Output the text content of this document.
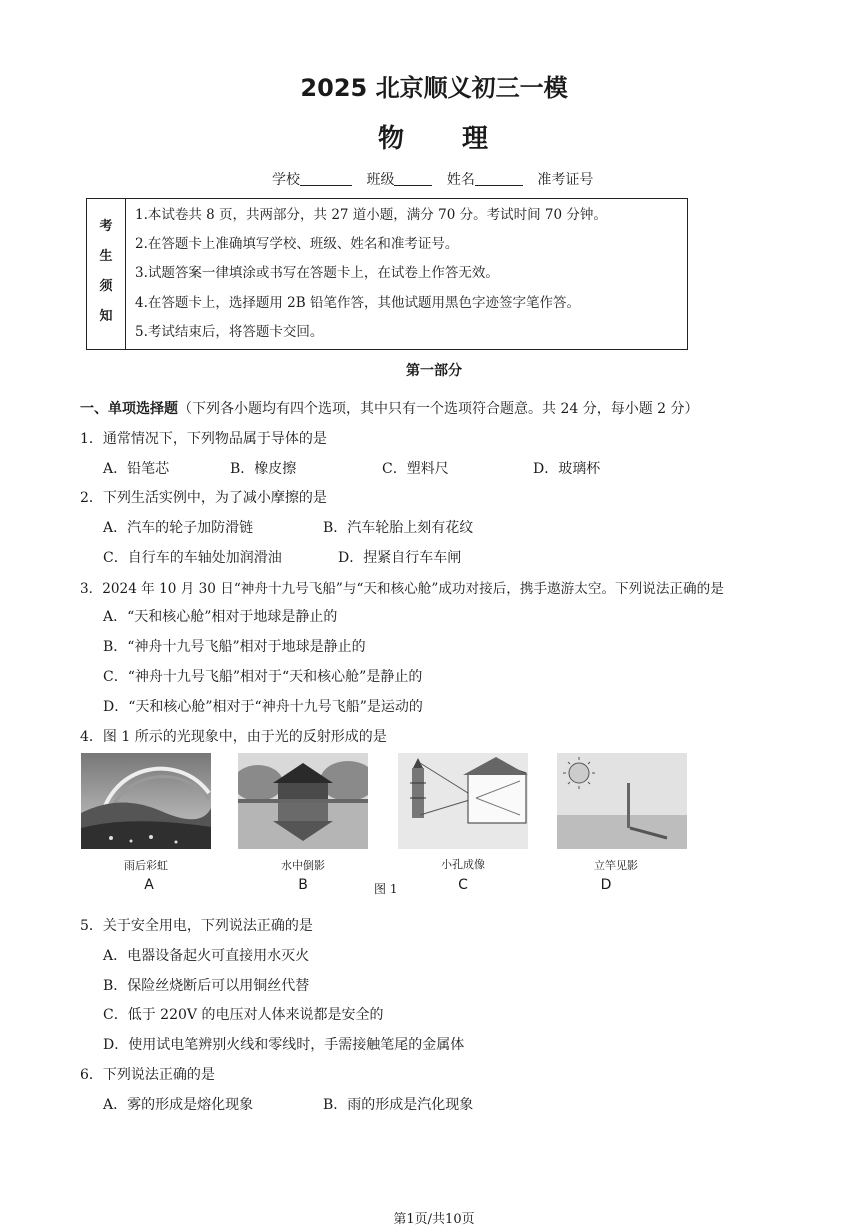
2025 北京顺义初三一模
物 理
学校	班级	姓名	准考证号
考
生
须
知
1.本试卷共 8 页，共两部分，共 27 道小题，满分 70 分。考试时间 70 分钟。
2.在答题卡上准确填写学校、班级、姓名和准考证号。
3.试题答案一律填涂或书写在答题卡上，在试卷上作答无效。
4.在答题卡上，选择题用 2B 铅笔作答，其他试题用黑色字迹签字笔作答。
5.考试结束后，将答题卡交回。
第一部分
一、单项选择题（下列各小题均有四个选项，其中只有一个选项符合题意。共 24 分，每小题 2 分）
1．通常情况下，下列物品属于导体的是
A．铅笔芯	B．橡皮擦	C．塑料尺	D．玻璃杯
2．下列生活实例中，为了减小摩擦的是
A．汽车的轮子加防滑链	B．汽车轮胎上刻有花纹
C．自行车的车轴处加润滑油	D．捏紧自行车车闸
3．2024 年 10 月 30 日“神舟十九号飞船”与“天和核心舱”成功对接后，携手遨游太空。下列说法正确的是
A．“天和核心舱”相对于地球是静止的
B．“神舟十九号飞船”相对于地球是静止的
C．“神舟十九号飞船”相对于“天和核心舱”是静止的
D．“天和核心舱”相对于“神舟十九号飞船”是运动的
4．图 1 所示的光现象中，由于光的反射形成的是
雨后彩虹	水中倒影	小孔成像	立竿见影
A	B	C	D
图 1
5．关于安全用电，下列说法正确的是
A．电器设备起火可直接用水灭火
B．保险丝烧断后可以用铜丝代替
C．低于 220V 的电压对人体来说都是安全的
D．使用试电笔辨别火线和零线时，手需接触笔尾的金属体
6．下列说法正确的是
A．雾的形成是熔化现象	B．雨的形成是汽化现象
第1页/共10页
